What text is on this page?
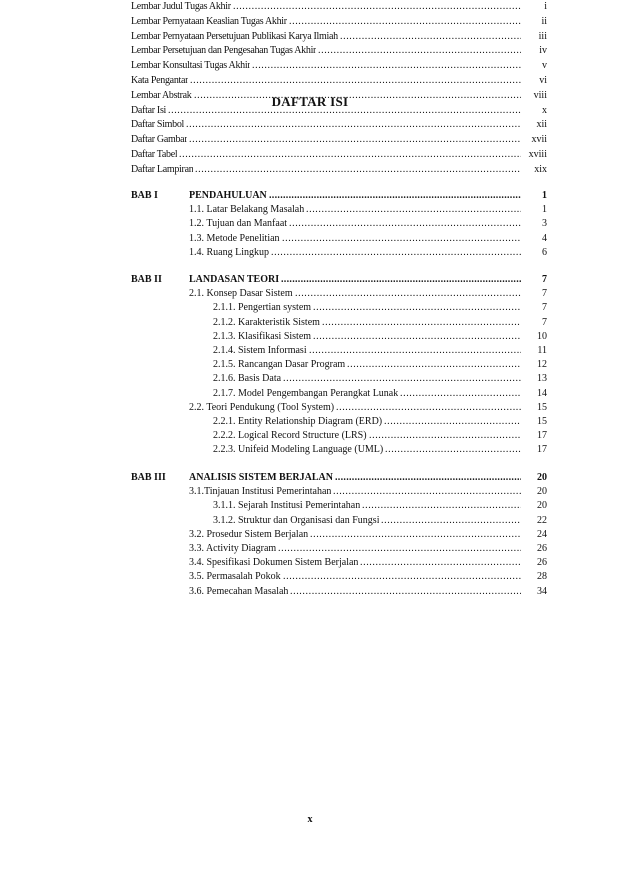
DAFTAR ISI
Lembar Judul Tugas Akhir	i
.....
Lembar Pernyataan Keaslian Tugas Akhir	ii
.....
Lembar Pernyataan Persetujuan Publikasi Karya Ilmiah	iii
.....
Lembar Persetujuan dan Pengesahan Tugas Akhir	iv
.....
Lembar Konsultasi Tugas Akhir	v
.....
Kata Pengantar	vi
.....
Lembar Abstrak	viii
.....
Daftar Isi	x
.....
Daftar Simbol	xii
.....
Daftar Gambar	xvii
.....
Daftar Tabel	xviii
.....
Daftar Lampiran	xix
.....
BAB I	PENDAHULUAN	1
.....
1.1. Latar Belakang Masalah	1
.....
1.2. Tujuan dan Manfaat	3
.....
1.3. Metode Penelitian	4
.....
1.4. Ruang Lingkup	6
.....
BAB II	LANDASAN TEORI	7
.....
2.1. Konsep Dasar Sistem	7
.....
2.1.1. Pengertian system	7
.....
2.1.2. Karakteristik Sistem	7
.....
2.1.3. Klasifikasi Sistem	10
.....
2.1.4. Sistem Informasi	11
.....
2.1.5. Rancangan Dasar Program	12
.....
2.1.6. Basis Data	13
.....
2.1.7. Model Pengembangan Perangkat Lunak	14
.....
2.2. Teori Pendukung (Tool System)	15
.....
2.2.1. Entity Relationship Diagram (ERD)	15
.....
2.2.2. Logical Record Structure (LRS)	17
.....
2.2.3. Unifeid Modeling Language (UML)	17
.....
BAB III ANALISIS SISTEM BERJALAN	20
.....
3.1.Tinjauan Institusi Pemerintahan	20
.....
3.1.1. Sejarah Institusi Pemerintahan	20
.....
3.1.2. Struktur dan Organisasi dan Fungsi	22
.....
3.2. Prosedur Sistem Berjalan	24
.....
3.3. Activity Diagram	26
.....
3.4. Spesifikasi Dokumen Sistem Berjalan	26
.....
3.5. Permasalah Pokok	28
.....
3.6. Pemecahan Masalah	34
.....
x
